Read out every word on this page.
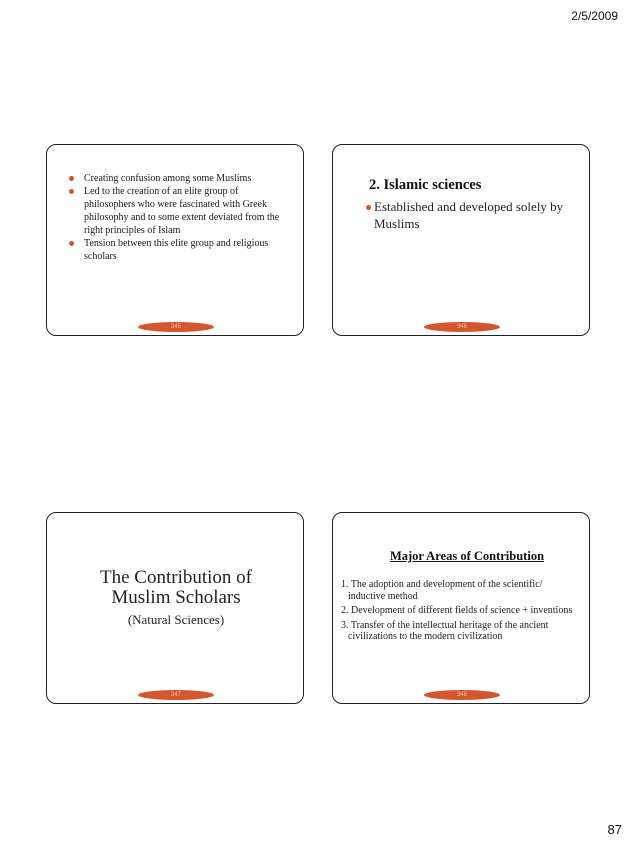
2/5/2009
Creating confusion among some Muslims
Led to the creation of an elite group of philosophers who were fascinated with Greek philosophy and to some extent deviated from the right principles of Islam
Tension between this elite group and religious scholars
345
2. Islamic sciences
Established and developed solely by Muslims
346
The Contribution of
Muslim Scholars
(Natural Sciences)
347
Major Areas of Contribution
1. The adoption and development of the scientific/ inductive method
2. Development of different fields of science + inventions
3. Transfer of the intellectual heritage of the ancient civilizations to the modern civilization
348
87
